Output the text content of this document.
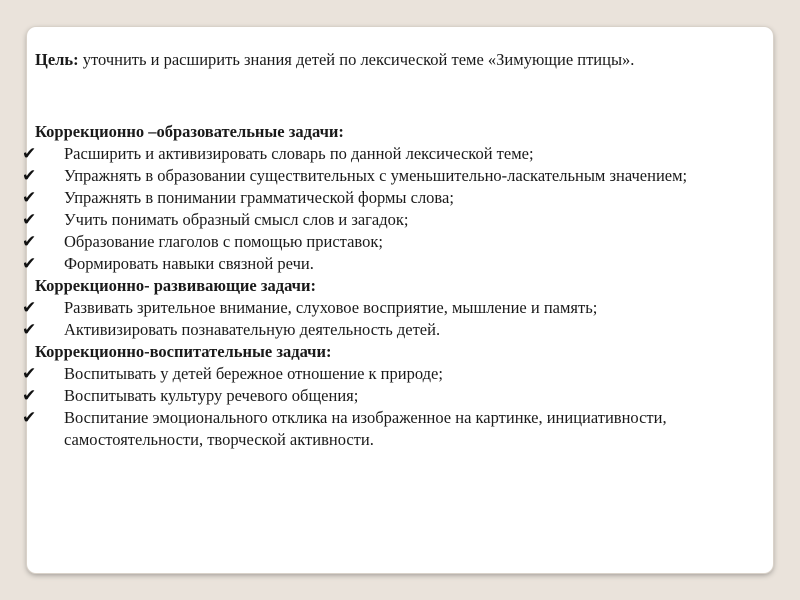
Цель: уточнить и расширить знания детей по лексической теме «Зимующие птицы».

Коррекционно –образовательные задачи:

✔	Расширить и активизировать словарь по данной лексической теме;
✔	Упражнять в образовании существительных с уменьшительно-ласкательным значением;
✔	Упражнять в понимании грамматической формы слова;
✔	Учить понимать образный смысл слов и загадок;
✔	Образование глаголов с помощью приставок;
✔	Формировать навыки связной речи.

Коррекционно- развивающие задачи:

✔	Развивать зрительное внимание, слуховое восприятие, мышление и память;
✔	Активизировать познавательную деятельность детей.

Коррекционно-воспитательные задачи:

✔	Воспитывать у детей бережное отношение к природе;
✔	Воспитывать культуру речевого общения;
✔	Воспитание эмоционального отклика на изображенное на картинке, инициативности, самостоятельности, творческой активности.
